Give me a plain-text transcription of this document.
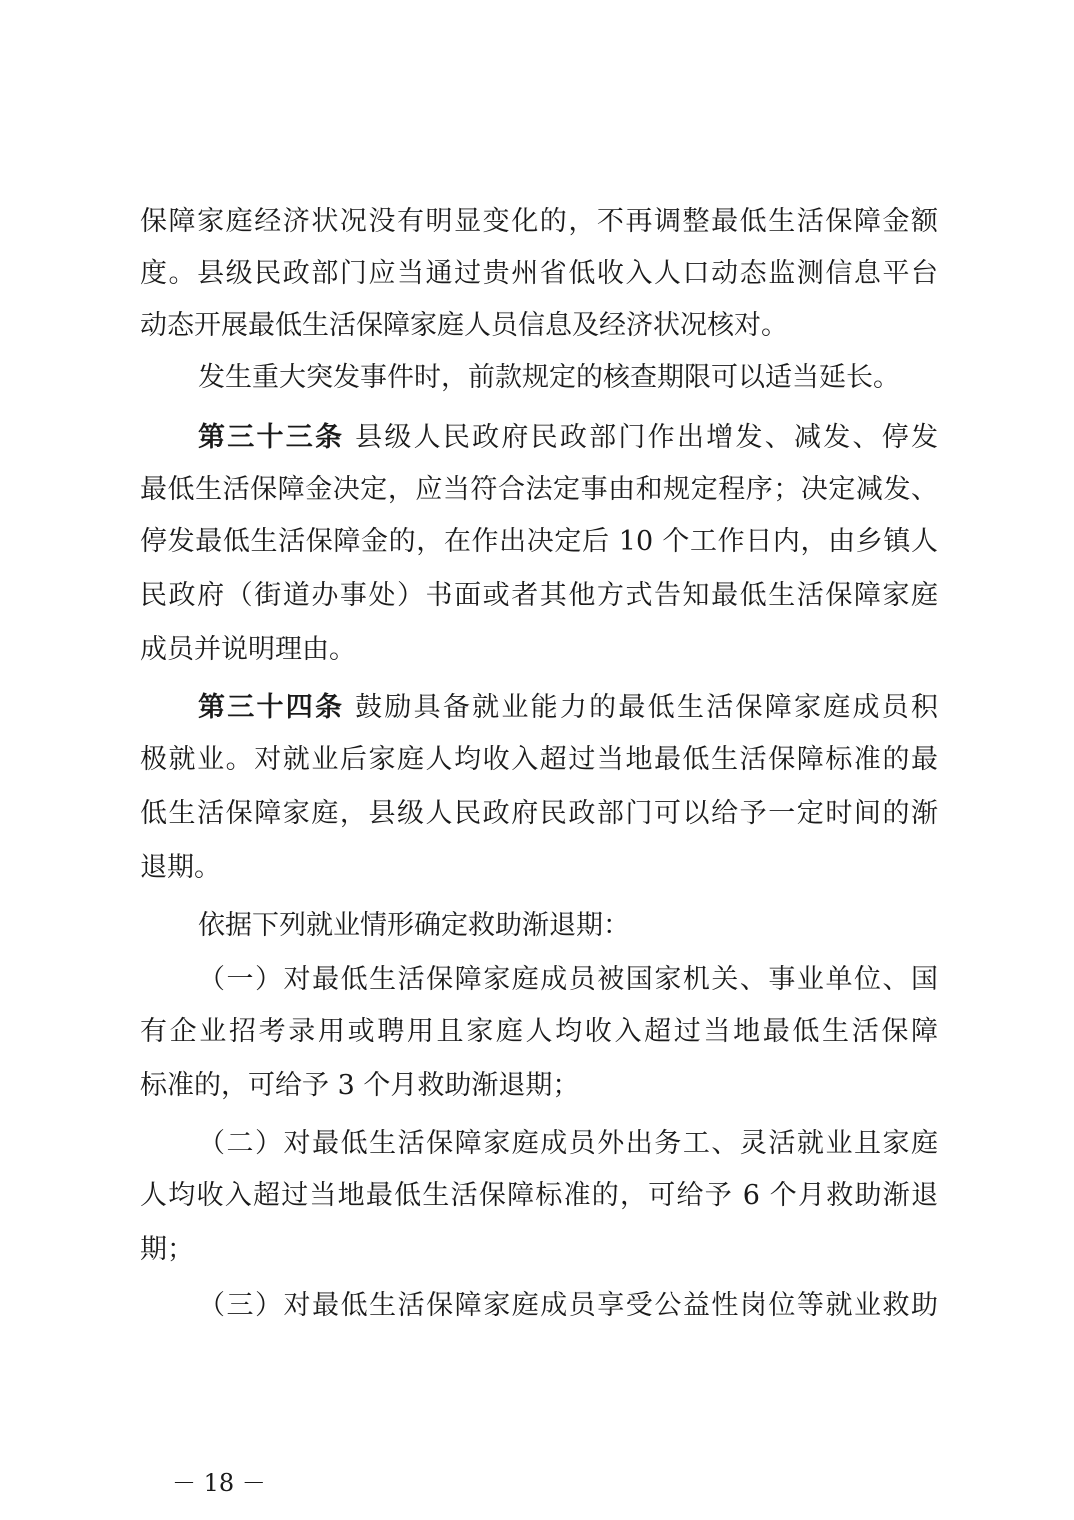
保障家庭经济状况没有明显变化的，不再调整最低生活保障金额
度。县级民政部门应当通过贵州省低收入人口动态监测信息平台
动态开展最低生活保障家庭人员信息及经济状况核对。
发生重大突发事件时，前款规定的核查期限可以适当延长。
第三十三条 县级人民政府民政部门作出增发、减发、停发
最低生活保障金决定，应当符合法定事由和规定程序；决定减发、
停发最低生活保障金的，在作出决定后 10 个工作日内，由乡镇人
民政府（街道办事处）书面或者其他方式告知最低生活保障家庭
成员并说明理由。
第三十四条 鼓励具备就业能力的最低生活保障家庭成员积
极就业。对就业后家庭人均收入超过当地最低生活保障标准的最
低生活保障家庭，县级人民政府民政部门可以给予一定时间的渐
退期。
依据下列就业情形确定救助渐退期：
（一）对最低生活保障家庭成员被国家机关、事业单位、国
有企业招考录用或聘用且家庭人均收入超过当地最低生活保障
标准的，可给予 3 个月救助渐退期；
（二）对最低生活保障家庭成员外出务工、灵活就业且家庭
人均收入超过当地最低生活保障标准的，可给予 6 个月救助渐退
期；
（三）对最低生活保障家庭成员享受公益性岗位等就业救助
－ 18 －
